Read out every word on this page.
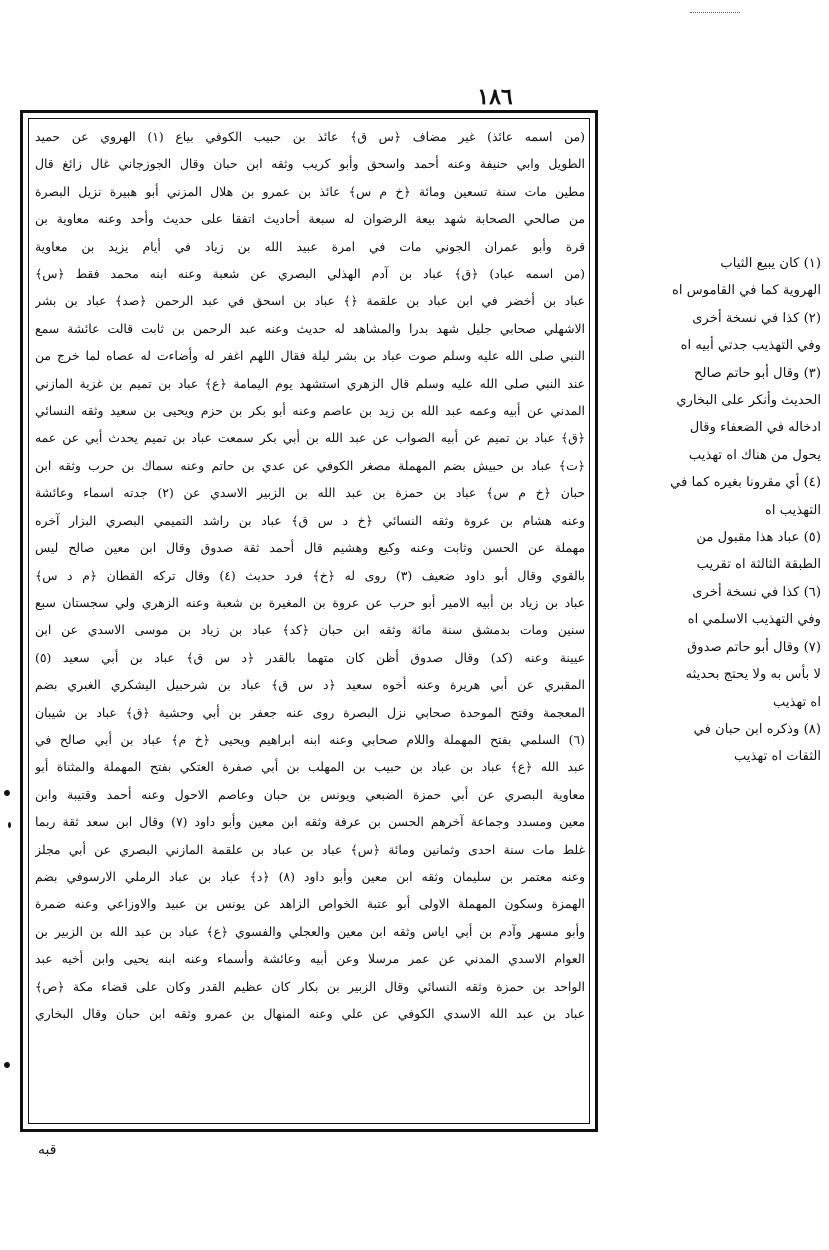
١٨٦
(١) كان يبيع الثياب
الهروية كما في القاموس اه
(٢) كذا في نسخة أخرى
وفي التهذيب جدتي أبيه اه
(٣) وقال أبو حاتم صالح
الحديث وأنكر على البخاري
ادخاله في الضعفاء وقال
يحول من هناك اه تهذيب
(٤) أي مقرونا بغيره كما في
التهذيب اه
(٥) عباد هذا مقبول من
الطبقة الثالثة اه تقريب
(٦) كذا في نسخة أخرى
وفي التهذيب الاسلمي اه
(٧) وقال أبو حاتم صدوق
لا بأس به ولا يحتج بحديثه
اه تهذيب
(٨) وذكره ابن حبان في
الثقات اه تهذيب
(من اسمه عائذ) غير مضاف ﴿س ق﴾ عائذ بن حبيب الكوفي بياع (١) الهروي عن حميد
الطويل وابي حنيفة وعنه أحمد واسحق وأبو كريب وثقه ابن حبان وقال الجوزجاني غال زائغ قال
مطين مات سنة تسعين ومائة ﴿خ م س﴾ عائذ بن عمرو بن هلال المزني أبو هبيرة نزيل البصرة
من صالحي الصحابة شهد بيعة الرضوان له سبعة أحاديث اتفقا على حديث وأحد وعنه معاوية بن
قرة وأبو عمران الجوني مات في امرة عبيد الله بن زياد في أيام يزيد بن معاوية
(من اسمه عباد) ﴿ق﴾ عباد بن آدم الهذلي البصري عن شعبة وعنه ابنه محمد فقط ﴿س﴾
عباد بن أخضر في ابن عباد بن علقمة ﴿﴾ عباد بن اسحق في عبد الرحمن ﴿صد﴾ عباد بن بشر
الاشهلي صحابي جليل شهد بدرا والمشاهد له حديث وعنه عبد الرحمن بن ثابت قالت عائشة سمع
النبي صلى الله عليه وسلم صوت عباد بن بشر ليلة فقال اللهم اغفر له وأضاءت له عصاه لما خرج من
عند النبي صلى الله عليه وسلم قال الزهري استشهد يوم اليمامة ﴿ع﴾ عباد بن تميم بن غزية المازني
المدني عن أبيه وعمه عبد الله بن زيد بن عاصم وعنه أبو بكر بن حزم ويحيى بن سعيد وثقه النسائي
﴿ق﴾ عباد بن تميم عن أبيه الصواب عن عبد الله بن أبي بكر سمعت عباد بن تميم يحدث أبي عن عمه
﴿ت﴾ عباد بن حبيش بضم المهملة مصغر الكوفي عن عدي بن حاتم وعنه سماك بن حرب وثقه ابن
حبان ﴿خ م س﴾ عباد بن حمزة بن عبد الله بن الزبير الاسدي عن (٢) جدته اسماء وعائشة
وعنه هشام بن عروة وثقه النسائي ﴿خ د س ق﴾ عباد بن راشد التميمي البصري البزار آخره
مهملة عن الحسن وثابت وعنه وكيع وهشيم قال أحمد ثقة صدوق وقال ابن معين صالح ليس
بالقوي وقال أبو داود ضعيف (٣) روى له ﴿خ﴾ فرد حديث (٤) وقال تركه القطان ﴿م د س﴾
عباد بن زياد بن أبيه الامير أبو حرب عن عروة بن المغيرة بن شعبة وعنه الزهري ولي سجستان سبع
سنين ومات بدمشق سنة مائة وثقه ابن حبان ﴿كد﴾ عباد بن زياد بن موسى الاسدي عن ابن
عيينة وعنه (كد) وقال صدوق أظن كان متهما بالقدر ﴿د س ق﴾ عباد بن أبي سعيد (٥)
المقبري عن أبي هريرة وعنه أخوه سعيد ﴿د س ق﴾ عباد بن شرحبيل اليشكري الغبري بضم
المعجمة وفتح الموحدة صحابي نزل البصرة روى عنه جعفر بن أبي وحشية ﴿ق﴾ عباد بن شيبان
(٦) السلمي بفتح المهملة واللام صحابي وعنه ابنه ابراهيم ويحيى ﴿خ م﴾ عباد بن أبي صالح في
عبد الله ﴿ع﴾ عباد بن عباد بن حبيب بن المهلب بن أبي صفرة العتكي بفتح المهملة والمثناة أبو
معاوية البصري عن أبي حمزة الضبعي ويونس بن حبان وعاصم الاحول وعنه أحمد وقتيبة وابن
معين ومسدد وجماعة آخرهم الحسن بن عرفة وثقه ابن معين وأبو داود (٧) وقال ابن سعد ثقة ربما
غلط مات سنة احدى وثمانين ومائة ﴿س﴾ عباد بن عباد بن علقمة المازني البصري عن أبي مجلز
وعنه معتمر بن سليمان وثقه ابن معين وأبو داود (٨) ﴿د﴾ عباد بن عباد الرملي الارسوفي بضم
الهمزة وسكون المهملة الاولى أبو عتبة الخواص الزاهد عن يونس بن عبيد والاوزاعي وعنه ضمرة
وأبو مسهر وآدم بن أبي اياس وثقه ابن معين والعجلي والفسوي ﴿ع﴾ عباد بن عبد الله بن الزبير بن
العوام الاسدي المدني عن عمر مرسلا وعن أبيه وعائشة وأسماء وعنه ابنه يحيى وابن أخيه عبد
الواحد بن حمزة وثقه النسائي وقال الزبير بن بكار كان عظيم القدر وكان على قضاء مكة ﴿ص﴾
عباد بن عبد الله الاسدي الكوفي عن علي وعنه المنهال بن عمرو وثقه ابن حبان وقال البخاري
قبه
